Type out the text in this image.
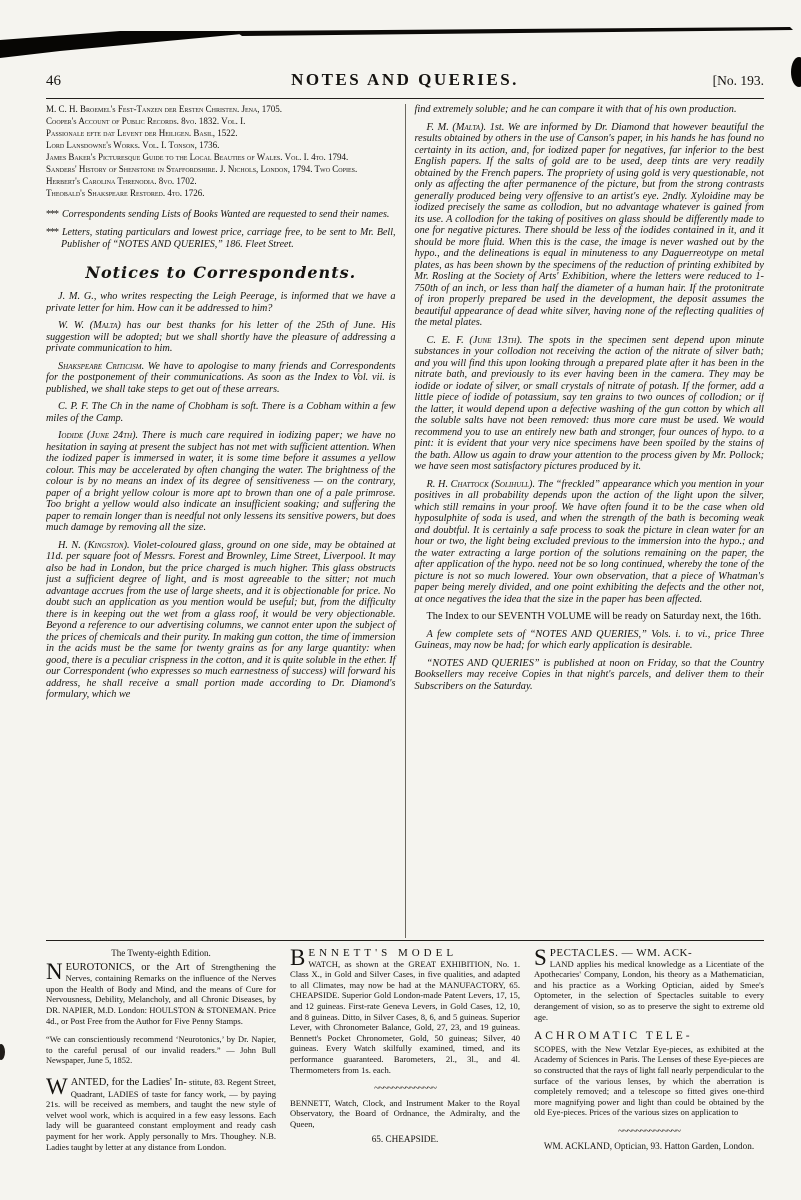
46	NOTES AND QUERIES.	[No. 193.

M. C. H. Broemel's Fest-Tanzen der Ersten Christen. Jena, 1705.

Cooper's Account of Public Records. 8vo. 1832. Vol. I.

Passionale efte dat Levent der Heiligen. Basil, 1522.

Lord Lansdowne's Works. Vol. I. Tonson, 1736.

James Baker's Picturesque Guide to the Local Beauties of Wales. Vol. I. 4to. 1794.

Sanders' History of Shenstone in Staffordshire. J. Nichols, London, 1794. Two Copies.

Herbert's Carolina Threnodia. 8vo. 1702.

Theobald's Shakspeare Restored. 4to. 1726.

*** Correspondents sending Lists of Books Wanted are requested to send their names.

*** Letters, stating particulars and lowest price, carriage free, to be sent to Mr. Bell, Publisher of “NOTES AND QUERIES,” 186. Fleet Street.

Notices to Correspondents.

J. M. G., who writes respecting the Leigh Peerage, is informed that we have a private letter for him. How can it be addressed to him?

W. W. (Malta) has our best thanks for his letter of the 25th of June. His suggestion will be adopted; but we shall shortly have the pleasure of addressing a private communication to him.

Shakspeare Criticism. We have to apologise to many friends and Correspondents for the postponement of their communications. As soon as the Index to Vol. vii. is published, we shall take steps to get out of these arrears.

C. P. F. The Ch in the name of Chobham is soft. There is a Cobham within a few miles of the Camp.

Iodide (June 24th). There is much care required in iodizing paper; we have no hesitation in saying at present the subject has not met with sufficient attention. When the iodized paper is immersed in water, it is some time before it assumes a yellow colour. This may be accelerated by often changing the water. The brightness of the colour is by no means an index of its degree of sensitiveness — on the contrary, paper of a bright yellow colour is more apt to brown than one of a pale primrose. Too bright a yellow would also indicate an insufficient soaking; and suffering the paper to remain longer than is needful not only lessens its sensitive powers, but does much damage by removing all the size.

H. N. (Kingston). Violet-coloured glass, ground on one side, may be obtained at 11d. per square foot of Messrs. Forest and Brownley, Lime Street, Liverpool. It may also be had in London, but the price charged is much higher. This glass obstructs just a sufficient degree of light, and is most agreeable to the sitter; not much advantage accrues from the use of large sheets, and it is objectionable for price. No doubt such an application as you mention would be useful; but, from the difficulty there is in keeping out the wet from a glass roof, it would be very objectionable. Beyond a reference to our advertising columns, we cannot enter upon the subject of the prices of chemicals and their purity. In making gun cotton, the time of immersion in the acids must be the same for twenty grains as for any large quantity: when good, there is a peculiar crispness in the cotton, and it is quite soluble in the ether. If our Correspondent (who expresses so much earnestness of success) will forward his address, he shall receive a small portion made according to Dr. Diamond's formulary, which we

find extremely soluble; and he can compare it with that of his own production.

F. M. (Malta). 1st. We are informed by Dr. Diamond that however beautiful the results obtained by others in the use of Canson's paper, in his hands he has found no certainty in its action, and, for iodized paper for negatives, far inferior to the best English papers. If the salts of gold are to be used, deep tints are very readily obtained by the French papers. The propriety of using gold is very questionable, not only as affecting the after permanence of the picture, but from the strong contrasts generally produced being very offensive to an artist's eye. 2ndly. Xyloidine may be iodized precisely the same as collodion, but no advantage whatever is gained from its use. A collodion for the taking of positives on glass should be differently made to one for negative pictures. There should be less of the iodides contained in it, and it should be more fluid. When this is the case, the image is never washed out by the hypo., and the delineations is equal in minuteness to any Daguerreotype on metal plates, as has been shown by the specimens of the reduction of printing exhibited by Mr. Rosling at the Society of Arts' Exhibition, where the letters were reduced to 1-750th of an inch, or less than half the diameter of a human hair. If the protonitrate of iron properly prepared be used in the development, the deposit assumes the beautiful appearance of dead white silver, having none of the reflecting qualities of the metal plates.

C. E. F. (June 13th). The spots in the specimen sent depend upon minute substances in your collodion not receiving the action of the nitrate of silver bath; and you will find this upon looking through a prepared plate after it has been in the nitrate bath, and previously to its ever having been in the camera. They may be iodide or iodate of silver, or small crystals of nitrate of potash. If the former, add a little piece of iodide of potassium, say ten grains to two ounces of collodion; or if the latter, it would depend upon a defective washing of the gun cotton by which all the soluble salts have not been removed: thus more care must be used. We would recommend you to use an entirely new bath and stronger, four ounces of hypo. to a pint: it is evident that your very nice specimens have been spoiled by the stains of the bath. Allow us again to draw your attention to the process given by Mr. Pollock; we have seen most satisfactory pictures produced by it.

R. H. Chattock (Solihull). The “freckled” appearance which you mention in your positives in all probability depends upon the action of the light upon the silver, which still remains in your proof. We have often found it to be the case when old hyposulphite of soda is used, and when the strength of the bath is becoming weak and doubtful. It is certainly a safe process to soak the picture in clean water for an hour or two, the light being excluded previous to the immersion into the hypo.; and the water extracting a large portion of the solutions remaining on the paper, the after application of the hypo. need not be so long continued, whereby the tone of the picture is not so much lowered. Your own observation, that a piece of Whatman's paper being merely divided, and one point exhibiting the defects and the other not, at once negatives the idea that the size in the paper has been affected.

The Index to our SEVENTH VOLUME will be ready on Saturday next, the 16th.

A few complete sets of “NOTES AND QUERIES,” Vols. i. to vi., price Three Guineas, may now be had; for which early application is desirable.

“NOTES AND QUERIES” is published at noon on Friday, so that the Country Booksellers may receive Copies in that night's parcels, and deliver them to their Subscribers on the Saturday.

The Twenty-eighth Edition.

NEUROTONICS, or the Art of Strengthening the Nerves, containing Remarks on the influence of the Nerves upon the Health of Body and Mind, and the means of Cure for Nervousness, Debility, Melancholy, and all Chronic Diseases, by DR. NAPIER, M.D. London: HOULSTON & STONEMAN. Price 4d., or Post Free from the Author for Five Penny Stamps.

“We can conscientiously recommend ‘Neurotonics,’ by Dr. Napier, to the careful perusal of our invalid readers.” — John Bull Newspaper, June 5, 1852.

WANTED, for the Ladies' In- stitute, 83. Regent Street, Quadrant, LADIES of taste for fancy work, — by paying 21s. will be received as members, and taught the new style of velvet wool work, which is acquired in a few easy lessons. Each lady will be guaranteed constant employment and ready cash payment for her work. Apply personally to Mrs. Thoughey. N.B. Ladies taught by letter at any distance from London.

B ENNETT'S MODEL
WATCH, as shown at the GREAT EXHIBITION, No. 1. Class X., in Gold and Silver Cases, in five qualities, and adapted to all Climates, may now be had at the MANUFACTORY, 65. CHEAPSIDE. Superior Gold London-made Patent Levers, 17, 15, and 12 guineas. First-rate Geneva Levers, in Gold Cases, 12, 10, and 8 guineas. Ditto, in Silver Cases, 8, 6, and 5 guineas. Superior Lever, with Chronometer Balance, Gold, 27, 23, and 19 guineas. Bennett's Pocket Chronometer, Gold, 50 guineas; Silver, 40 guineas. Every Watch skilfully examined, timed, and its performance guaranteed. Barometers, 2l., 3l., and 4l. Thermometers from 1s. each.

~~~~~~~~~~~~~~

BENNETT, Watch, Clock, and Instrument Maker to the Royal Observatory, the Board of Ordnance, the Admiralty, and the Queen,

65. CHEAPSIDE.

S PECTACLES. — WM. ACK-
LAND applies his medical knowledge as a Licentiate of the Apothecaries' Company, London, his theory as a Mathematician, and his practice as a Working Optician, aided by Smee's Optometer, in the selection of Spectacles suitable to every derangement of vision, so as to preserve the sight to extreme old age.

ACHROMATIC TELE-
SCOPES, with the New Vetzlar Eye-pieces, as exhibited at the Academy of Sciences in Paris. The Lenses of these Eye-pieces are so constructed that the rays of light fall nearly perpendicular to the surface of the various lenses, by which the aberration is completely removed; and a telescope so fitted gives one-third more magnifying power and light than could be obtained by the old Eye-pieces. Prices of the various sizes on application to

~~~~~~~~~~~~~~

WM. ACKLAND, Optician, 93. Hatton Garden, London.
